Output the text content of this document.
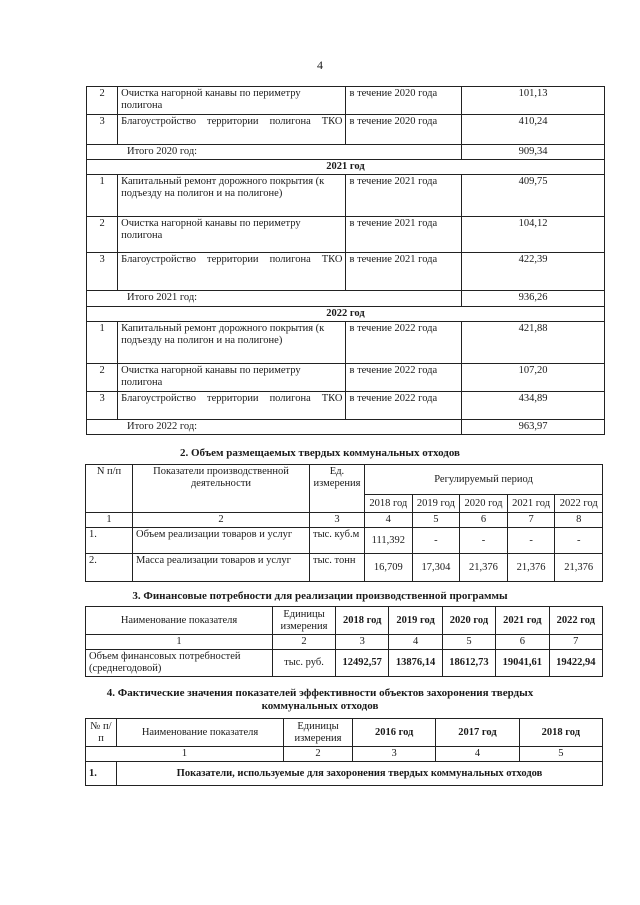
4
2	Очистка нагорной канавы по периметру полигона	в течение 2020 года	101,13
3	Благоустройство территории полигона ТКО	в течение 2020 года	410,24
Итого 2020 год:			909,34
2021 год			
1	Капитальный ремонт дорожного покрытия (к подъезду на полигон и на полигоне)	в течение 2021 года	409,75
2	Очистка нагорной канавы по периметру полигона	в течение 2021 года	104,12
3	Благоустройство территории полигона ТКО	в течение 2021 года	422,39
Итого 2021 год:			936,26
2022 год			
1	Капитальный ремонт дорожного покрытия (к подъезду на полигон и на полигоне)	в течение 2022 года	421,88
2	Очистка нагорной канавы по периметру полигона	в течение 2022 года	107,20
3	Благоустройство территории полигона ТКО	в течение 2022 года	434,89
Итого 2022 год:			963,97
2. Объем размещаемых твердых коммунальных отходов
N п/п	Показатели производственной деятельности	Ед. измерения	Регулируемый период				
			2018 год	2019 год	2020 год	2021 год	2022 год
1	2	3	4	5	6	7	8
1.	Объем реализации товаров и услуг	тыс. куб.м	111,392	-	-	-	-
2.	Масса реализации товаров и услуг	тыс. тонн	16,709	17,304	21,376	21,376	21,376
3. Финансовые потребности для реализации производственной программы
Наименование показателя	Единицы измерения	2018 год	2019 год	2020 год	2021 год	2022 год
1	2	3	4	5	6	7
Объем финансовых потребностей (среднегодовой)	тыс. руб.	12492,57	13876,14	18612,73	19041,61	19422,94
4. Фактические значения показателей эффективности объектов захоронения твердых
коммунальных отходов
№ п/п	Наименование показателя	Единицы измерения	2016 год	2017 год	2018 год
1		2	3	4	5
1.	Показатели, используемые для захоронения твердых коммунальных отходов				
